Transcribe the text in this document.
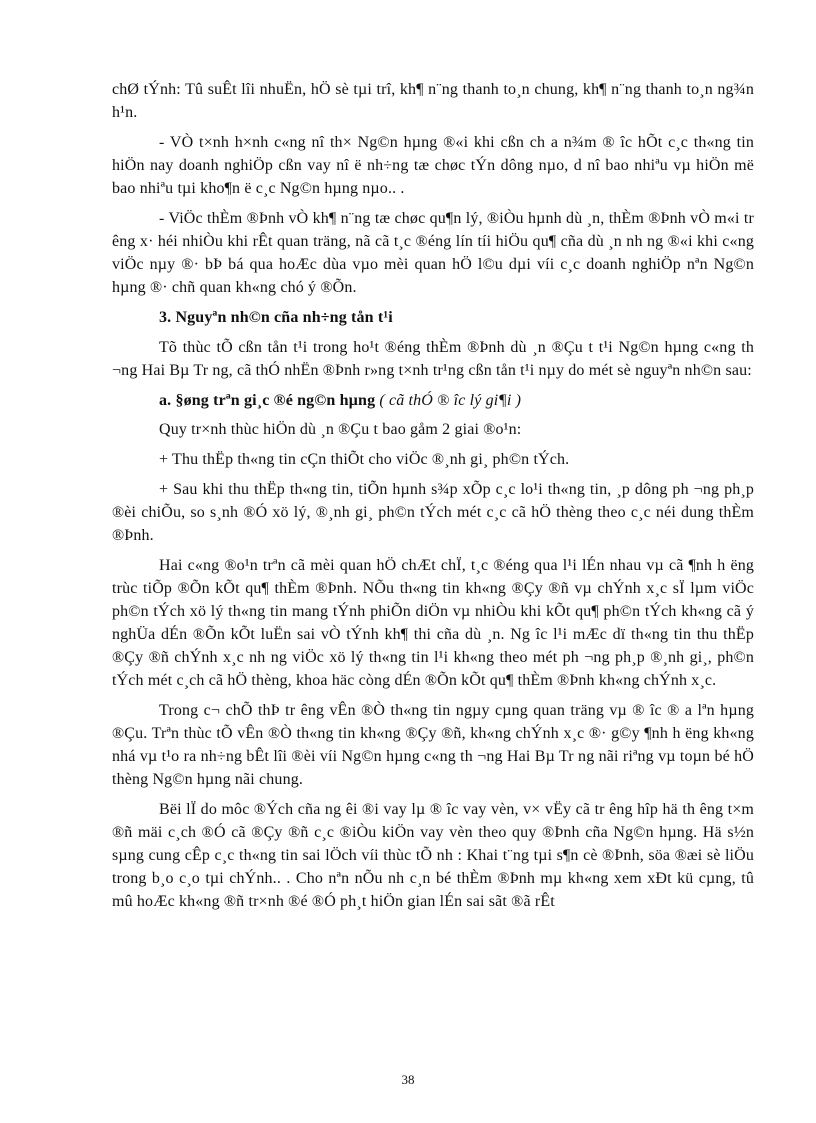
chØ tÝnh: Tû suÊt lîi nhuËn, hÖ sè tµi trî, kh¶ n¨ng thanh to¸n chung, kh¶ n¨ng thanh to¸n ng¾n h¹n.

- VÒ t×nh h×nh c«ng nî th× Ng©n hµng ®«i khi cßn ch a n¾m ® îc hÕt c¸c th«ng tin hiÖn nay doanh nghiÖp cßn vay nî ë nh÷ng tæ chøc tÝn dông nµo, d nî bao nhiªu vµ hiÖn më bao nhiªu tµi kho¶n ë c¸c Ng©n hµng nµo.. .

- ViÖc thÈm ®Þnh vÒ kh¶ n¨ng tæ chøc qu¶n lý, ®iÒu hµnh dù ¸n, thÈm ®Þnh vÒ m«i tr êng x· héi nhiÒu khi rÊt quan träng, nã cã t¸c ®éng lín tíi hiÖu qu¶ cña dù ¸n nh ng ®«i khi c«ng viÖc nµy ®· bÞ bá qua hoÆc dùa vµo mèi quan hÖ l©u dµi víi c¸c doanh nghiÖp nªn Ng©n hµng ®· chñ quan kh«ng chó ý ®Õn.

3. Nguyªn nh©n cña nh÷ng tån t¹i

Tõ thùc tÕ cßn tån t¹i trong ho¹t ®éng thÈm ®Þnh dù ¸n ®Çu t t¹i Ng©n hµng c«ng th ¬ng Hai Bµ Tr ng, cã thÓ nhËn ®Þnh r»ng t×nh tr¹ng cßn tån t¹i nµy do mét sè nguyªn nh©n sau:

a. §øng trªn gi¸c ®é ng©n hµng ( cã thÓ ® îc lý gi¶i )

Quy tr×nh thùc hiÖn dù ¸n ®Çu t bao gåm 2 giai ®o¹n:

+ Thu thËp th«ng tin cÇn thiÕt cho viÖc ®¸nh gi¸ ph©n tÝch.

+ Sau khi thu thËp th«ng tin, tiÕn hµnh s¾p xÕp c¸c lo¹i th«ng tin, ¸p dông ph ¬ng ph¸p ®èi chiÕu, so s¸nh ®Ó xö lý, ®¸nh gi¸ ph©n tÝch mét c¸c cã hÖ thèng theo c¸c néi dung thÈm ®Þnh.

Hai c«ng ®o¹n trªn cã mèi quan hÖ chÆt chÏ, t¸c ®éng qua l¹i lÉn nhau vµ cã ¶nh h ëng trùc tiÕp ®Õn kÕt qu¶ thÈm ®Þnh. NÕu th«ng tin kh«ng ®Çy ®ñ vµ chÝnh x¸c sÏ lµm viÖc ph©n tÝch xö lý th«ng tin mang tÝnh phiÕn diÖn vµ nhiÒu khi kÕt qu¶ ph©n tÝch kh«ng cã ý nghÜa dÉn ®Õn kÕt luËn sai vÒ tÝnh kh¶ thi cña dù ¸n. Ng îc l¹i mÆc dï th«ng tin thu thËp ®Çy ®ñ chÝnh x¸c nh ng viÖc xö lý th«ng tin l¹i kh«ng theo mét ph ¬ng ph¸p ®¸nh gi¸, ph©n tÝch mét c¸ch cã hÖ thèng, khoa häc còng dÉn ®Õn kÕt qu¶ thÈm ®Þnh kh«ng chÝnh x¸c.

Trong c¬ chÕ thÞ tr êng vÊn ®Ò th«ng tin ngµy cµng quan träng vµ ® îc ® a lªn hµng ®Çu. Trªn thùc tÕ vÊn ®Ò th«ng tin kh«ng ®Çy ®ñ, kh«ng chÝnh x¸c ®· g©y ¶nh h ëng kh«ng nhá vµ t¹o ra nh÷ng bÊt lîi ®èi víi Ng©n hµng c«ng th ¬ng Hai Bµ Tr ng nãi riªng vµ toµn bé hÖ thèng Ng©n hµng nãi chung.

Bëi lÏ do môc ®Ých cña ng êi ®i vay lµ ® îc vay vèn, v× vËy cã tr êng hîp hä th êng t×m ®ñ mäi c¸ch ®Ó cã ®Çy ®ñ c¸c ®iÒu kiÖn vay vèn theo quy ®Þnh cña Ng©n hµng. Hä s½n sµng cung cÊp c¸c th«ng tin sai lÖch víi thùc tÕ nh : Khai t¨ng tµi s¶n cè ®Þnh, söa ®æi sè liÖu trong b¸o c¸o tµi chÝnh.. . Cho nªn nÕu nh c¸n bé thÈm ®Þnh mµ kh«ng xem xÐt kü cµng, tû mû hoÆc kh«ng ®ñ tr×nh ®é ®Ó ph¸t hiÖn gian lÉn sai sãt ®ã rÊt

38
